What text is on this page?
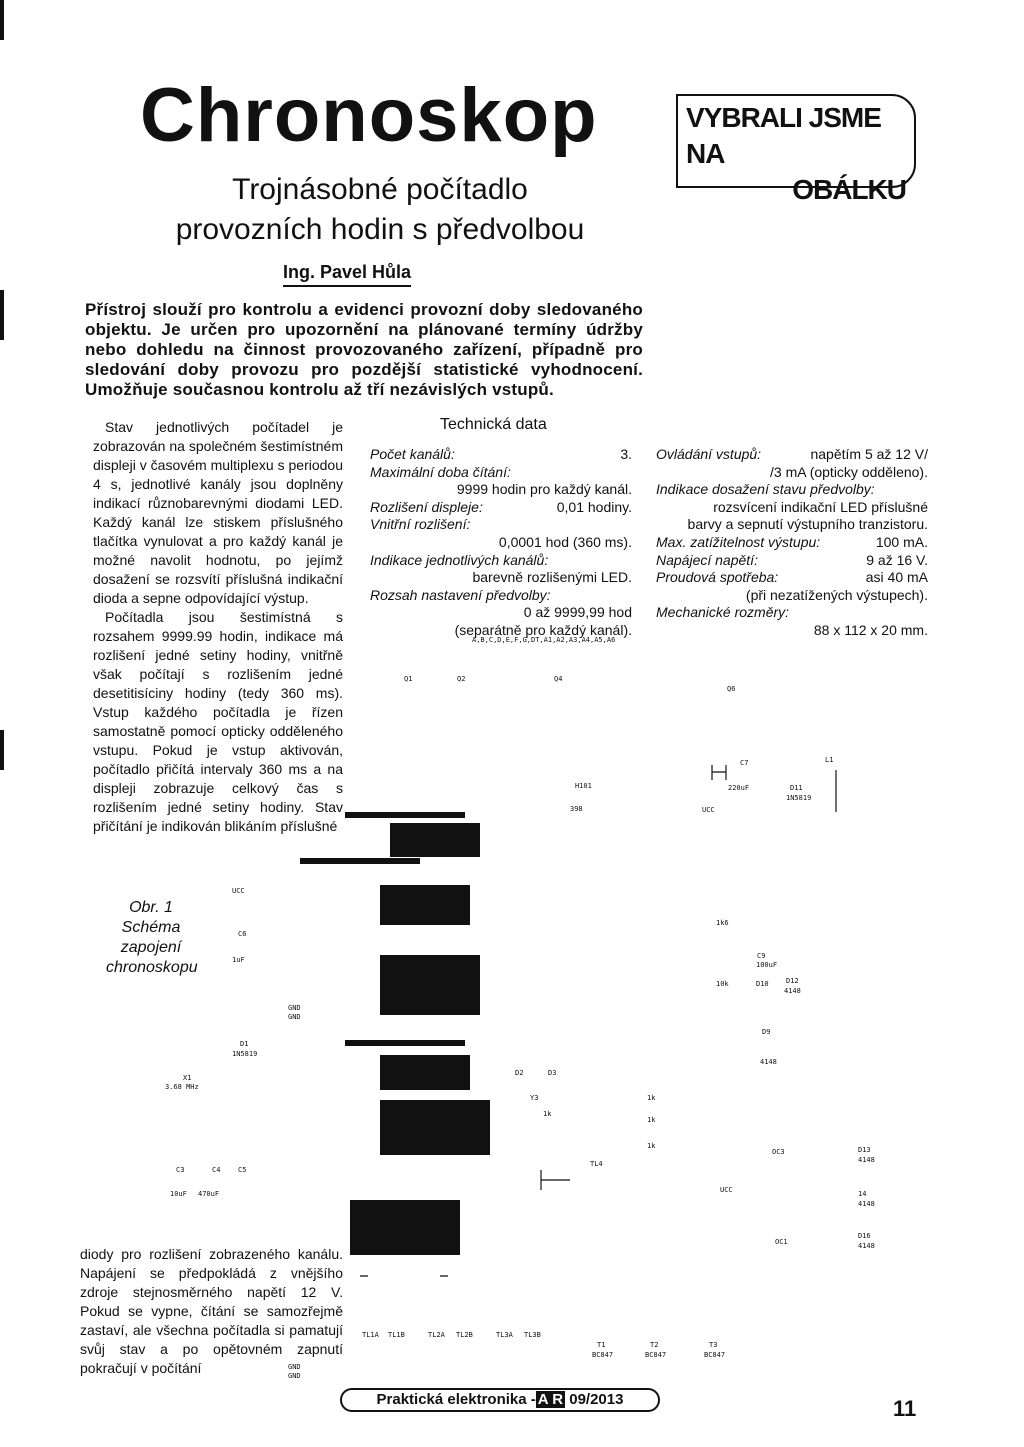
Chronoskop
Trojnásobné počítadlo
provozních hodin s předvolbou
VYBRALI JSME NA
OBÁLKU
Ing. Pavel Hůla
Přístroj slouží pro kontrolu a evidenci provozní doby sledovaného objektu. Je určen pro upozornění na plánované termíny údržby nebo dohledu na činnost provozovaného zařízení, případně pro sledování doby provozu pro pozdější statistické vyhodnocení. Umožňuje současnou kontrolu až tří nezávislých vstupů.

Stav jednotlivých počítadel je zobrazován na společném šestimístném displeji v časovém multiplexu s periodou 4 s, jednotlivé kanály jsou doplněny indikací různobarevnými diodami LED. Každý kanál lze stiskem příslušného tlačítka vynulovat a pro každý kanál je možné navolit hodnotu, po jejímž dosažení se rozsvítí příslušná indikační dioda a sepne odpovídající výstup.

Počítadla jsou šestimístná s rozsahem 9999.99 hodin, indikace má rozlišení jedné setiny hodiny, vnitřně však počítají s rozlišením jedné desetitisíciny hodiny (tedy 360 ms). Vstup každého počítadla je řízen samostatně pomocí opticky odděleného vstupu. Pokud je vstup aktivován, počítadlo přičítá intervaly 360 ms a na displeji zobrazuje celkový čas s rozlišením jedné setiny hodiny. Stav přičítání je indikován blikáním příslušné

Technická data
Počet kanálů:	3.
Maximální doba čítání:
9999 hodin pro každý kanál.
Rozlišení displeje:	0,01 hodiny.
Vnitřní rozlišení:
0,0001 hod (360 ms).
Indikace jednotlivých kanálů:
barevně rozlišenými LED.
Rozsah nastavení předvolby:
0 až 9999,99 hod
(separátně pro každý kanál).
Ovládání vstupů:	napětím 5 až 12 V/
/3 mA (opticky odděleno).
Indikace dosažení stavu předvolby:
rozsvícení indikační LED příslušné
barvy a sepnutí výstupního tranzistoru.
Max. zatížitelnost výstupu:	100 mA.
Napájecí napětí:	9 až 16 V.
Proudová spotřeba:	asi 40 mA
(při nezatížených výstupech).
Mechanické rozměry:
88 x 112 x 20 mm.
A,B,C,D,E,F,G,DT,A1,A2,A3,A4,A5,A6
Q1	Q2	Q4
Q6
H101
398
C7	L1
220uF	D11
1N5819
UCC
UCC
C6
1uF
GND
GND
1k6
C9
100uF
10k	D10 D12
4148
D1
1N5819
X1
3.68 MHz
C3	C4	C5
10uF 470uF
GND
GND
D2	D3
Y3
1k
1k
1k
1k
TL4
D9
4148
OC3
UCC
OC1
D13
4148
14
4148
D16
4148
TL1A TL1B	TL2A TL2B	TL3A TL3B
T1
BC847
T2
BC847
T3
BC847
Obr. 1 Schéma zapojení chronoskopu
diody pro rozlišení zobrazeného kanálu. Napájení se předpokládá z vnějšího zdroje stejnosměrného napětí 12 V. Pokud se vypne, čítání se samozřejmě zastaví, ale všechna počítadla si pamatují svůj stav a po opětovném zapnutí pokračují v počítání
Praktická elektronika - A R 09/2013	11
